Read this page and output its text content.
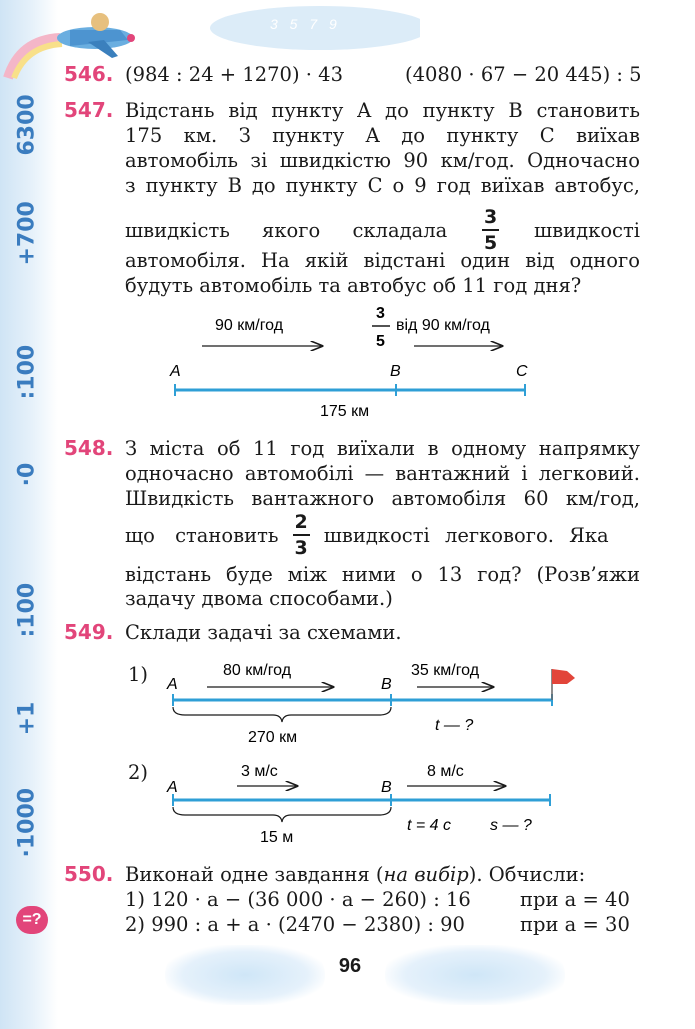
3 5 7 9
6300
+700
:100
·0
:100
+1
·1000
=?
546. (984 : 24 + 1270) · 43	(4080 · 67 − 20 445) : 5
547. Відстань від пункту A до пункту B становить
175 км. З пункту A до пункту C виїхав
автомобіль зі швидкістю 90 км/год. Одночасно
з пункту B до пункту C о 9 год виїхав автобус,
швидкість якого складала $\frac{3}{5}$ швидкості
автомобіля. На якій відстані один від одного
будуть автомобіль та автобус об 11 год дня?
90 км/год
3
5
від 90 км/год
A	B	C
175 км
548. З міста об 11 год виїхали в одному напрямку
одночасно автомобілі — вантажний і легковий.
Швидкість вантажного автомобіля 60 км/год,
що становить $\frac{2}{3}$ швидкості легкового. Яка
відстань буде між ними о 13 год? (Розв’яжи
задачу двома способами.)
549. Склади задачі за схемами.
1) A
80 км/год
B
35 км/год
270 км
t — ?
2)
A
3 м/с
B
8 м/с
15 м
t = 4 с s — ?
550. Виконай одне завдання (на вибір). Обчисли:
1) 120 · a − (36 000 · a − 260) : 16	при a = 40
2) 990 : a + a · (2470 − 2380) : 90	при a = 30
96
